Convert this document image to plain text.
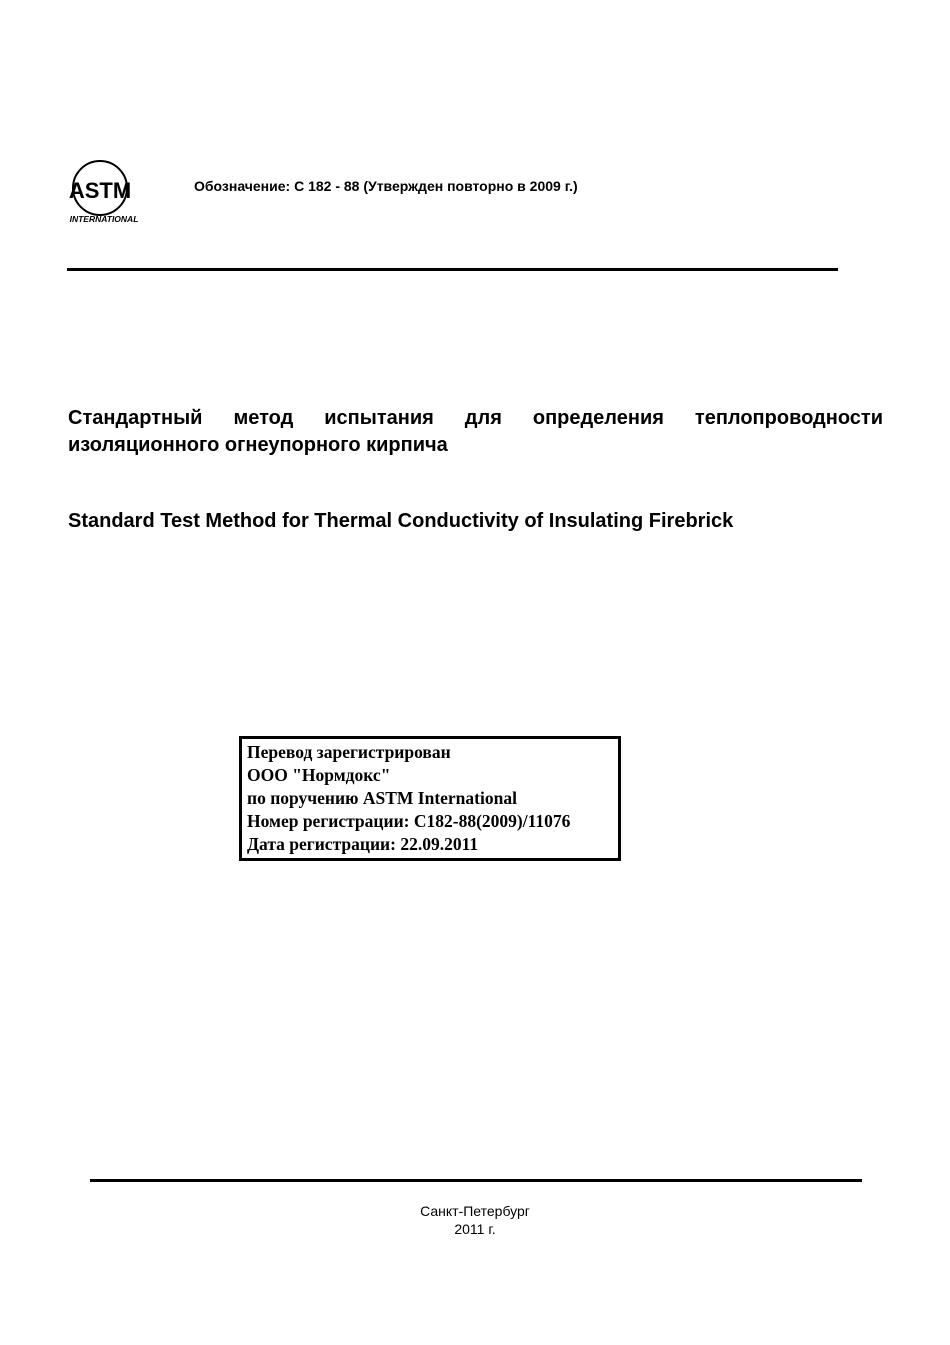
ASTM
INTERNATIONAL
Обозначение: C 182 - 88 (Утвержден повторно в 2009 г.)
Стандартный метод испытания для определения теплопроводности изоляционного огнеупорного кирпича
Standard Test Method for Thermal Conductivity of Insulating Firebrick
Перевод зарегистрирован
ООО "Нормдокс"
по поручению ASTM International
Номер регистрации: C182-88(2009)/11076
Дата регистрации: 22.09.2011
Санкт-Петербург
2011 г.
